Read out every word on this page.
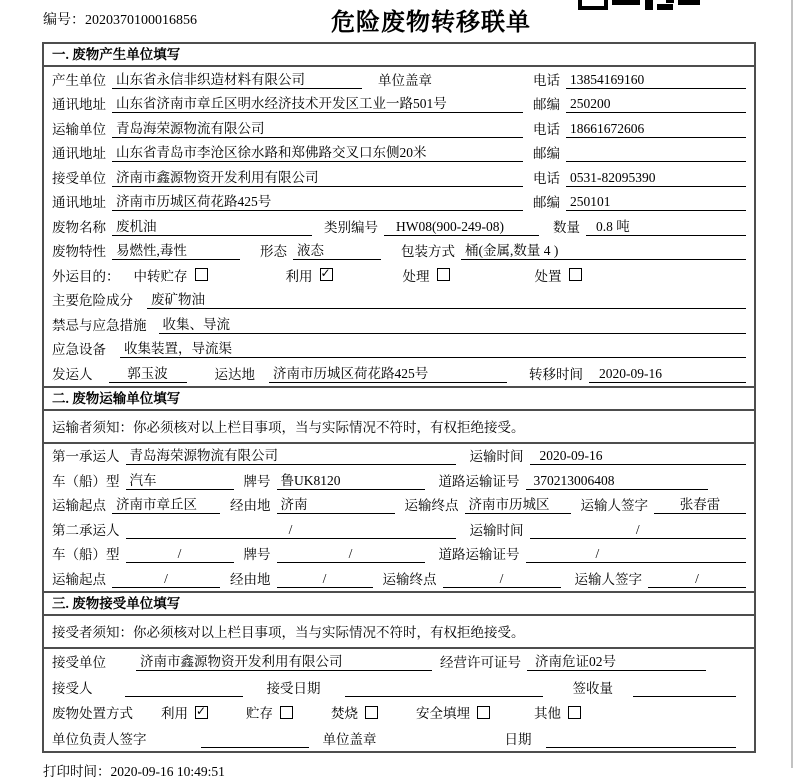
编号：2020370100016856	危险废物转移联单
一. 废物产生单位填写
产生单位 山东省永信非织造材料有限公司	单位盖章	电话 13854169160
通讯地址 山东省济南市章丘区明水经济技术开发区工业一路501号	邮编 250200
运输单位 青岛海荣源物流有限公司	电话 18661672606
通讯地址 山东省青岛市李沧区徐水路和郑佛路交叉口东侧20米	邮编
接受单位 济南市鑫源物资开发利用有限公司	电话 0531-82095390
通讯地址 济南市历城区荷花路425号	邮编 250101
废物名称 废机油	类别编号	HW08(900-249-08)	数量	0.8 吨
废物特性 易燃性,毒性	形态 液态	包装方式 桶(金属,数量 4 )
外运目的：	中转贮存	利用 ✓	处理	处置
主要危险成分	废矿物油
禁忌与应急措施	收集、导流
应急设备	收集装置，导流渠
发运人	郭玉波	运达地	济南市历城区荷花路425号	转移时间	2020-09-16
二. 废物运输单位填写
运输者须知：你必须核对以上栏目事项，当与实际情况不符时，有权拒绝接受。
第一承运人 青岛海荣源物流有限公司	运输时间	2020-09-16
车（船）型 汽车	牌号 鲁UK8120	道路运输证号	370213006408
运输起点 济南市章丘区	经由地 济南	运输终点 济南市历城区	运输人签字	张春雷
第二承运人	/	运输时间	/
车（船）型	/	牌号	/	道路运输证号	/
运输起点	/	经由地	/	运输终点	/	运输人签字	/
三. 废物接受单位填写
接受者须知：你必须核对以上栏目事项，当与实际情况不符时，有权拒绝接受。
接受单位	济南市鑫源物资开发利用有限公司	经营许可证号	济南危证02号
接受人	接受日期	签收量
废物处置方式	利用 ✓	贮存	焚烧	安全填埋	其他
单位负责人签字	单位盖章	日期
打印时间：2020-09-16 10:49:51
